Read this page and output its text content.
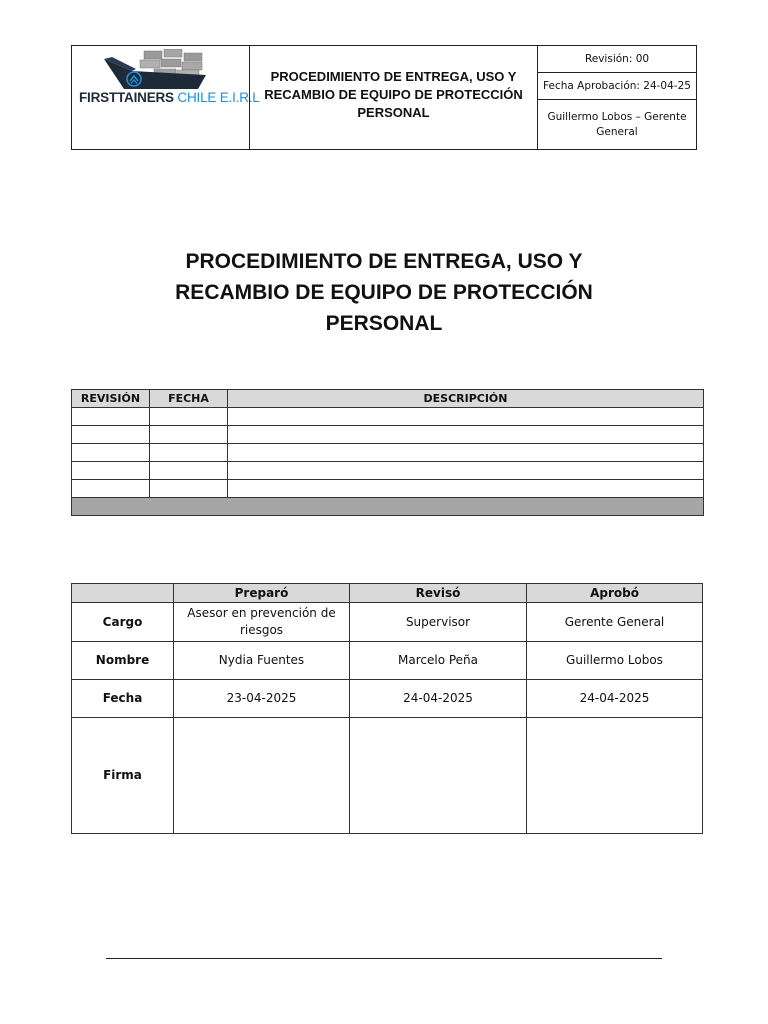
FIRSTTAINERS CHILE E.I.R.L
PROCEDIMIENTO DE ENTREGA, USO Y RECAMBIO DE EQUIPO DE PROTECCIÓN PERSONAL
Revisión: 00
Fecha Aprobación: 24-04-25
Guillermo Lobos – Gerente General
PROCEDIMIENTO DE ENTREGA, USO Y RECAMBIO DE EQUIPO DE PROTECCIÓN PERSONAL
REVISIÓN	FECHA	DESCRIPCIÓN

	Preparó	Revisó	Aprobó
Cargo	Asesor en prevención de riesgos	Supervisor	Gerente General
Nombre	Nydia Fuentes	Marcelo Peña	Guillermo Lobos
Fecha	23-04-2025	24-04-2025	24-04-2025
Firma			
